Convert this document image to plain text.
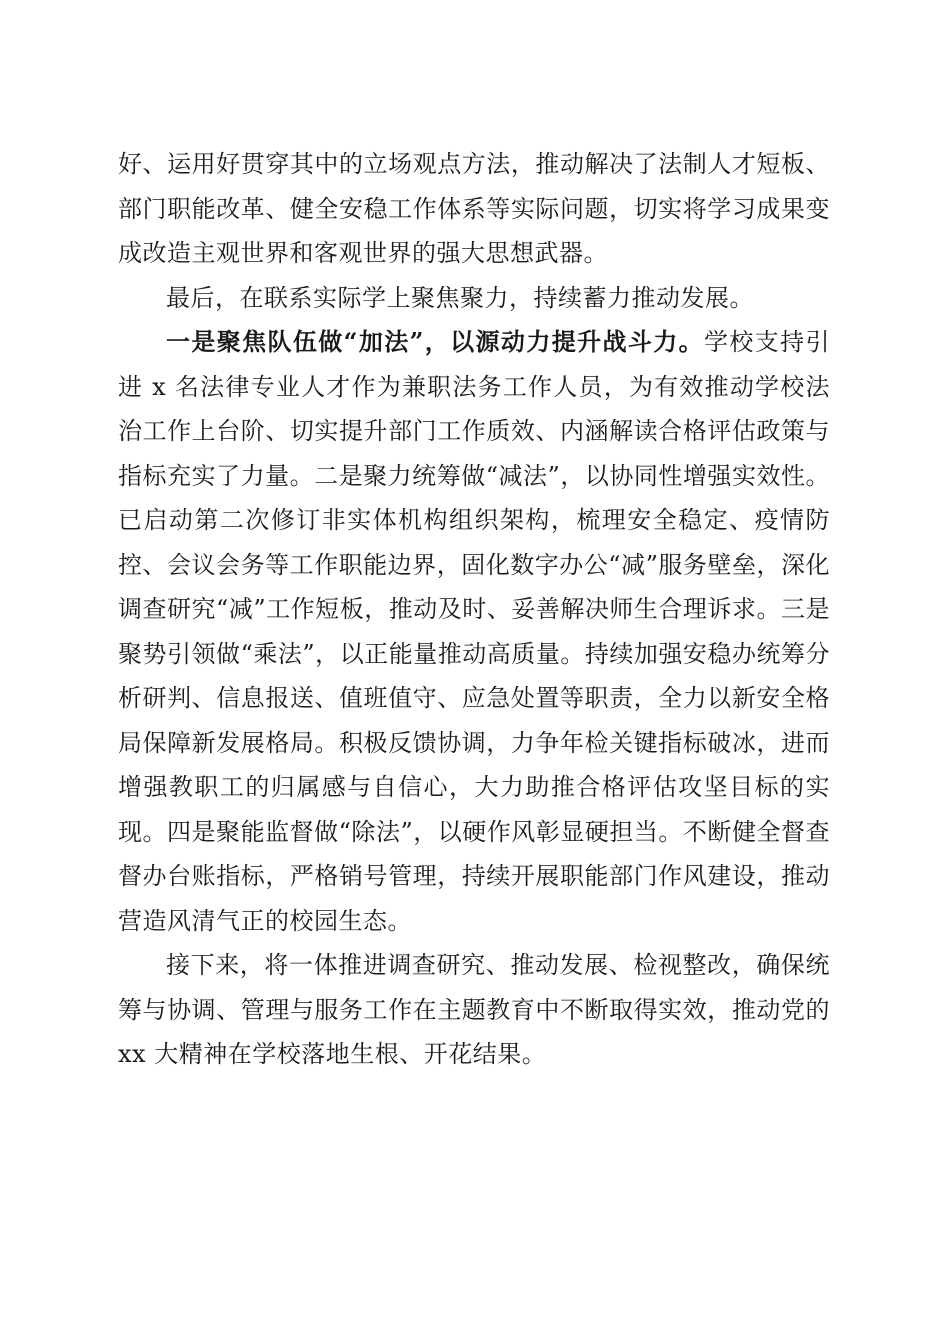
好、运用好贯穿其中的立场观点方法，推动解决了法制人才短板、部门职能改革、健全安稳工作体系等实际问题，切实将学习成果变成改造主观世界和客观世界的强大思想武器。

最后，在联系实际学上聚焦聚力，持续蓄力推动发展。

一是聚焦队伍做“加法”，以源动力提升战斗力。学校支持引进 x 名法律专业人才作为兼职法务工作人员，为有效推动学校法治工作上台阶、切实提升部门工作质效、内涵解读合格评估政策与指标充实了力量。二是聚力统筹做“减法”，以协同性增强实效性。已启动第二次修订非实体机构组织架构，梳理安全稳定、疫情防控、会议会务等工作职能边界，固化数字办公“减”服务壁垒，深化调查研究“减”工作短板，推动及时、妥善解决师生合理诉求。三是聚势引领做“乘法”，以正能量推动高质量。持续加强安稳办统筹分析研判、信息报送、值班值守、应急处置等职责，全力以新安全格局保障新发展格局。积极反馈协调，力争年检关键指标破冰，进而增强教职工的归属感与自信心，大力助推合格评估攻坚目标的实现。四是聚能监督做“除法”，以硬作风彰显硬担当。不断健全督查督办台账指标，严格销号管理，持续开展职能部门作风建设，推动营造风清气正的校园生态。

接下来，将一体推进调查研究、推动发展、检视整改，确保统筹与协调、管理与服务工作在主题教育中不断取得实效，推动党的 xx 大精神在学校落地生根、开花结果。
